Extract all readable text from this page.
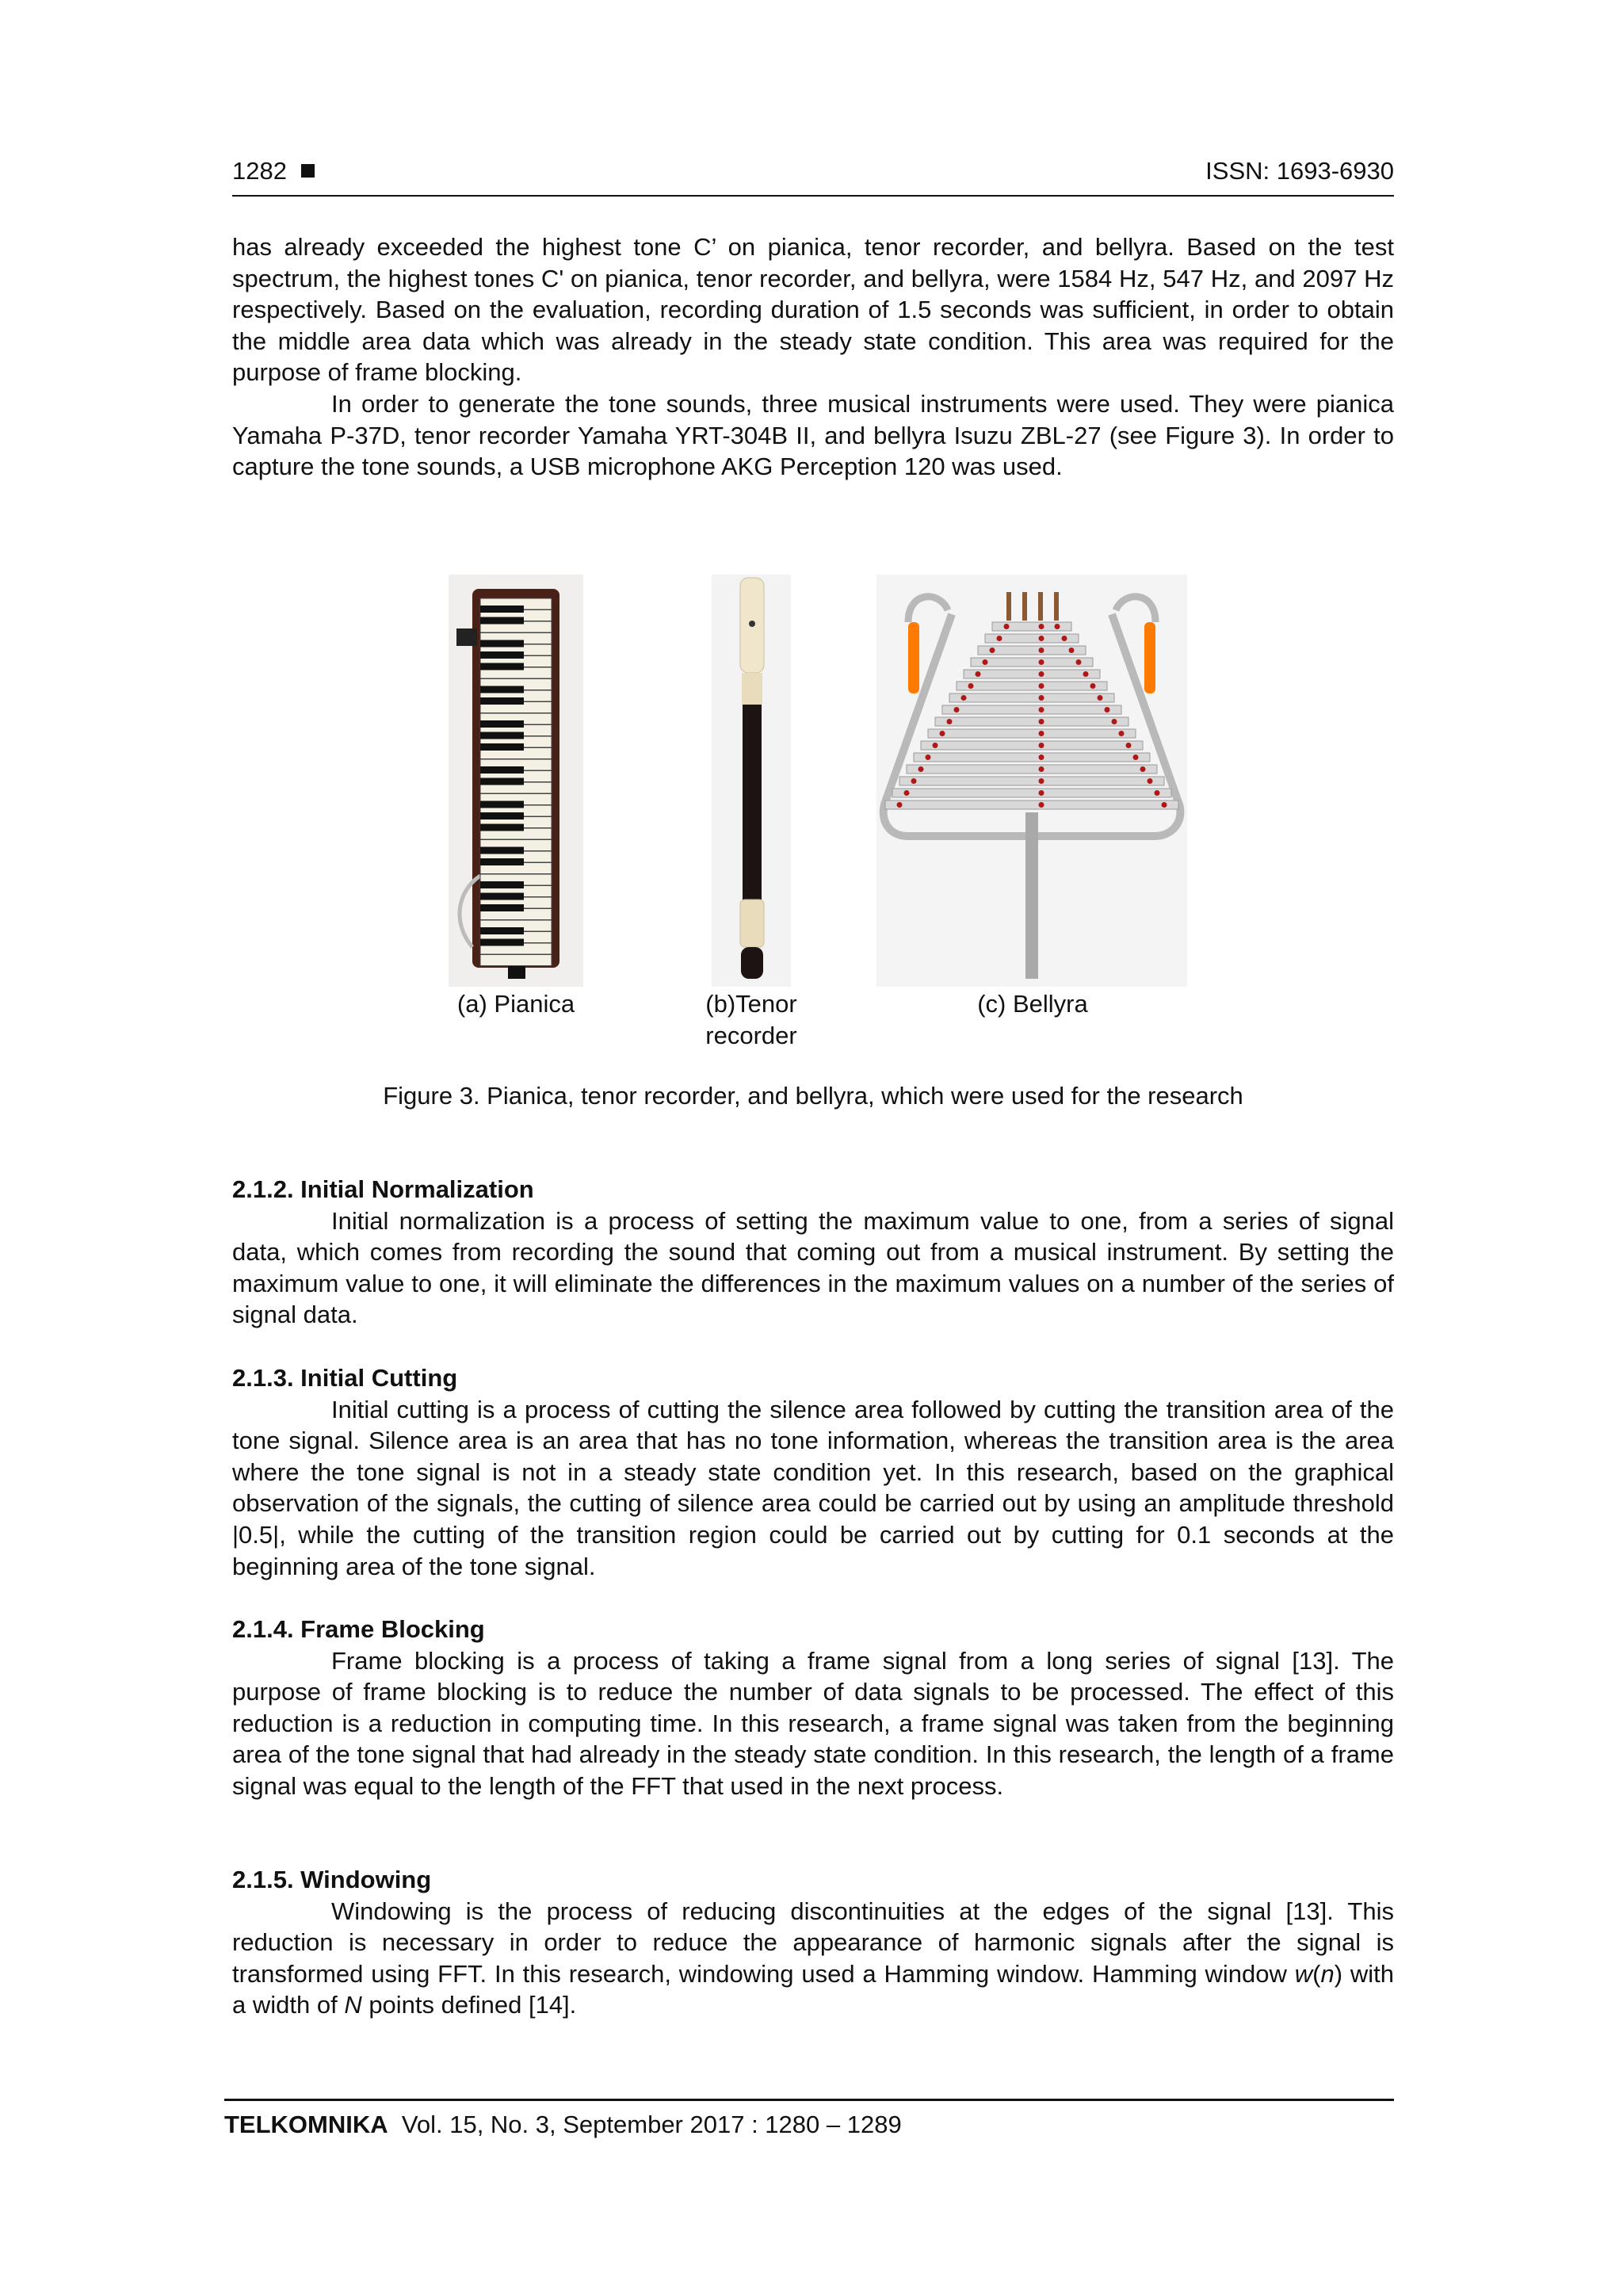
1282	ISSN: 1693-6930

has already exceeded the highest tone C’ on pianica, tenor recorder, and bellyra. Based on the test spectrum, the highest tones C' on pianica, tenor recorder, and bellyra, were 1584 Hz, 547 Hz, and 2097 Hz respectively. Based on the evaluation, recording duration of 1.5 seconds was sufficient, in order to obtain the middle area data which was already in the steady state condition. This area was required for the purpose of frame blocking.

In order to generate the tone sounds, three musical instruments were used. They were pianica Yamaha P-37D, tenor recorder Yamaha YRT-304B II, and bellyra Isuzu ZBL-27 (see Figure 3). In order to capture the tone sounds, a USB microphone AKG Perception 120 was used.

(a) Pianica	(b)Tenor
recorder
(c) Bellyra
Figure 3. Pianica, tenor recorder, and bellyra, which were used for the research

2.1.2. Initial Normalization

Initial normalization is a process of setting the maximum value to one, from a series of signal data, which comes from recording the sound that coming out from a musical instrument. By setting the maximum value to one, it will eliminate the differences in the maximum values on a number of the series of signal data.

2.1.3. Initial Cutting

Initial cutting is a process of cutting the silence area followed by cutting the transition area of the tone signal. Silence area is an area that has no tone information, whereas the transition area is the area where the tone signal is not in a steady state condition yet. In this research, based on the graphical observation of the signals, the cutting of silence area could be carried out by using an amplitude threshold |0.5|, while the cutting of the transition region could be carried out by cutting for 0.1 seconds at the beginning area of the tone signal.

2.1.4. Frame Blocking

Frame blocking is a process of taking a frame signal from a long series of signal [13]. The purpose of frame blocking is to reduce the number of data signals to be processed. The effect of this reduction is a reduction in computing time. In this research, a frame signal was taken from the beginning area of the tone signal that had already in the steady state condition. In this research, the length of a frame signal was equal to the length of the FFT that used in the next process.

2.1.5. Windowing

Windowing is the process of reducing discontinuities at the edges of the signal [13]. This reduction is necessary in order to reduce the appearance of harmonic signals after the signal is transformed using FFT. In this research, windowing used a Hamming window. Hamming window w(n) with a width of N points defined [14].

TELKOMNIKA Vol. 15, No. 3, September 2017 : 1280 – 1289
